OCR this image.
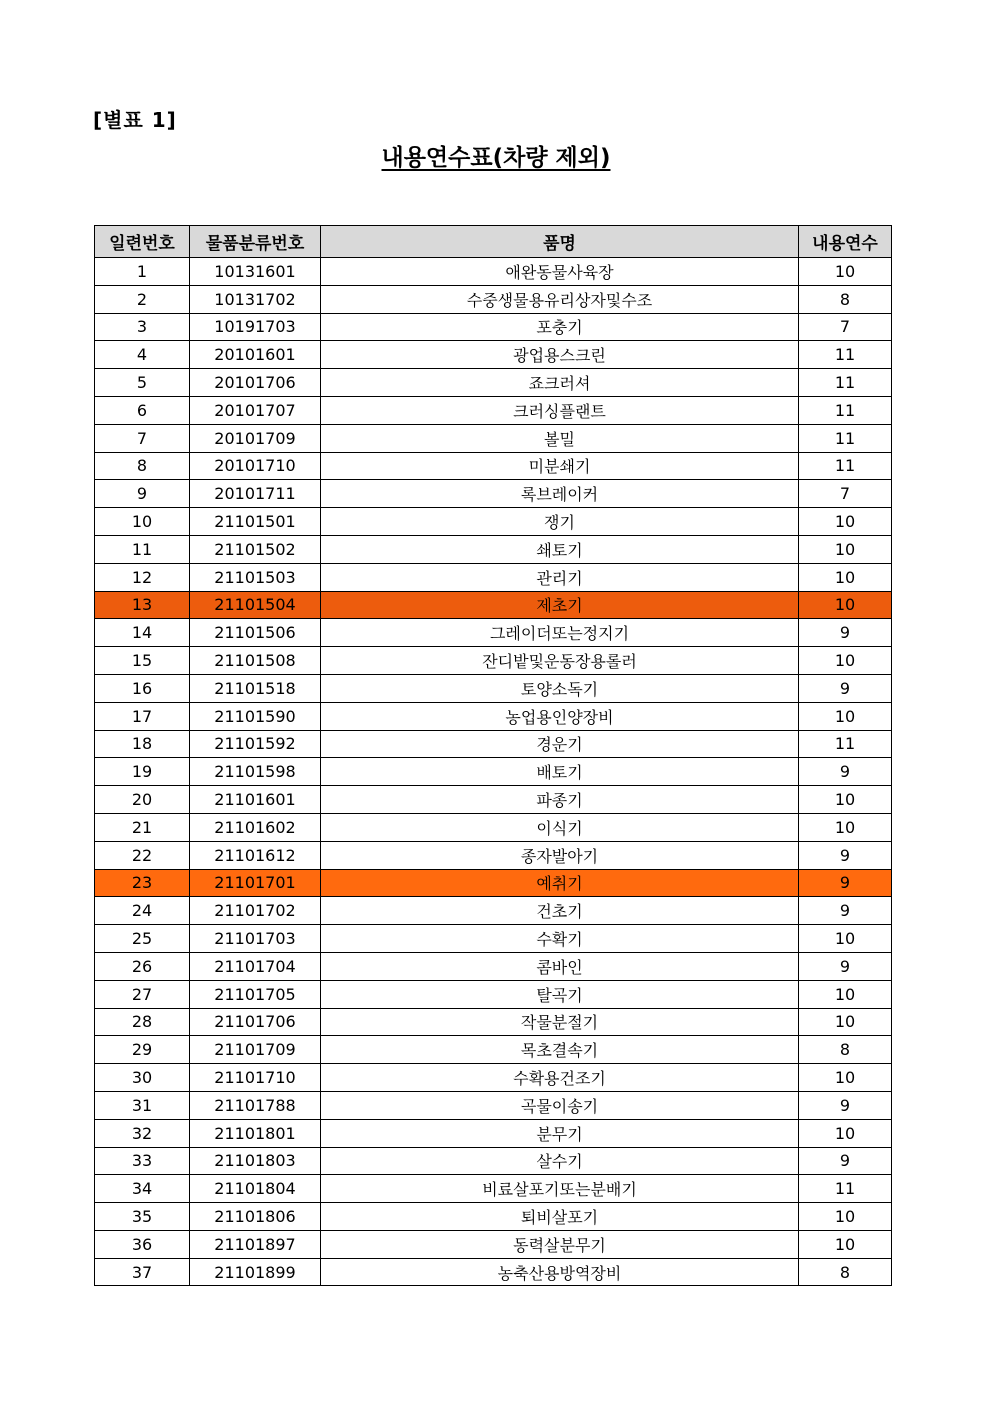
[별표 1]
내용연수표(차량 제외)
일련번호	물품분류번호	품명	내용연수
1	10131601	애완동물사육장	10
2	10131702	수중생물용유리상자및수조	8
3	10191703	포충기	7
4	20101601	광업용스크린	11
5	20101706	죠크러셔	11
6	20101707	크러싱플랜트	11
7	20101709	볼밀	11
8	20101710	미분쇄기	11
9	20101711	록브레이커	7
10	21101501	쟁기	10
11	21101502	쇄토기	10
12	21101503	관리기	10
13	21101504	제초기	10
14	21101506	그레이더또는정지기	9
15	21101508	잔디밭및운동장용롤러	10
16	21101518	토양소독기	9
17	21101590	농업용인양장비	10
18	21101592	경운기	11
19	21101598	배토기	9
20	21101601	파종기	10
21	21101602	이식기	10
22	21101612	종자발아기	9
23	21101701	예취기	9
24	21101702	건초기	9
25	21101703	수확기	10
26	21101704	콤바인	9
27	21101705	탈곡기	10
28	21101706	작물분절기	10
29	21101709	목초결속기	8
30	21101710	수확용건조기	10
31	21101788	곡물이송기	9
32	21101801	분무기	10
33	21101803	살수기	9
34	21101804	비료살포기또는분배기	11
35	21101806	퇴비살포기	10
36	21101897	동력살분무기	10
37	21101899	농축산용방역장비	8
